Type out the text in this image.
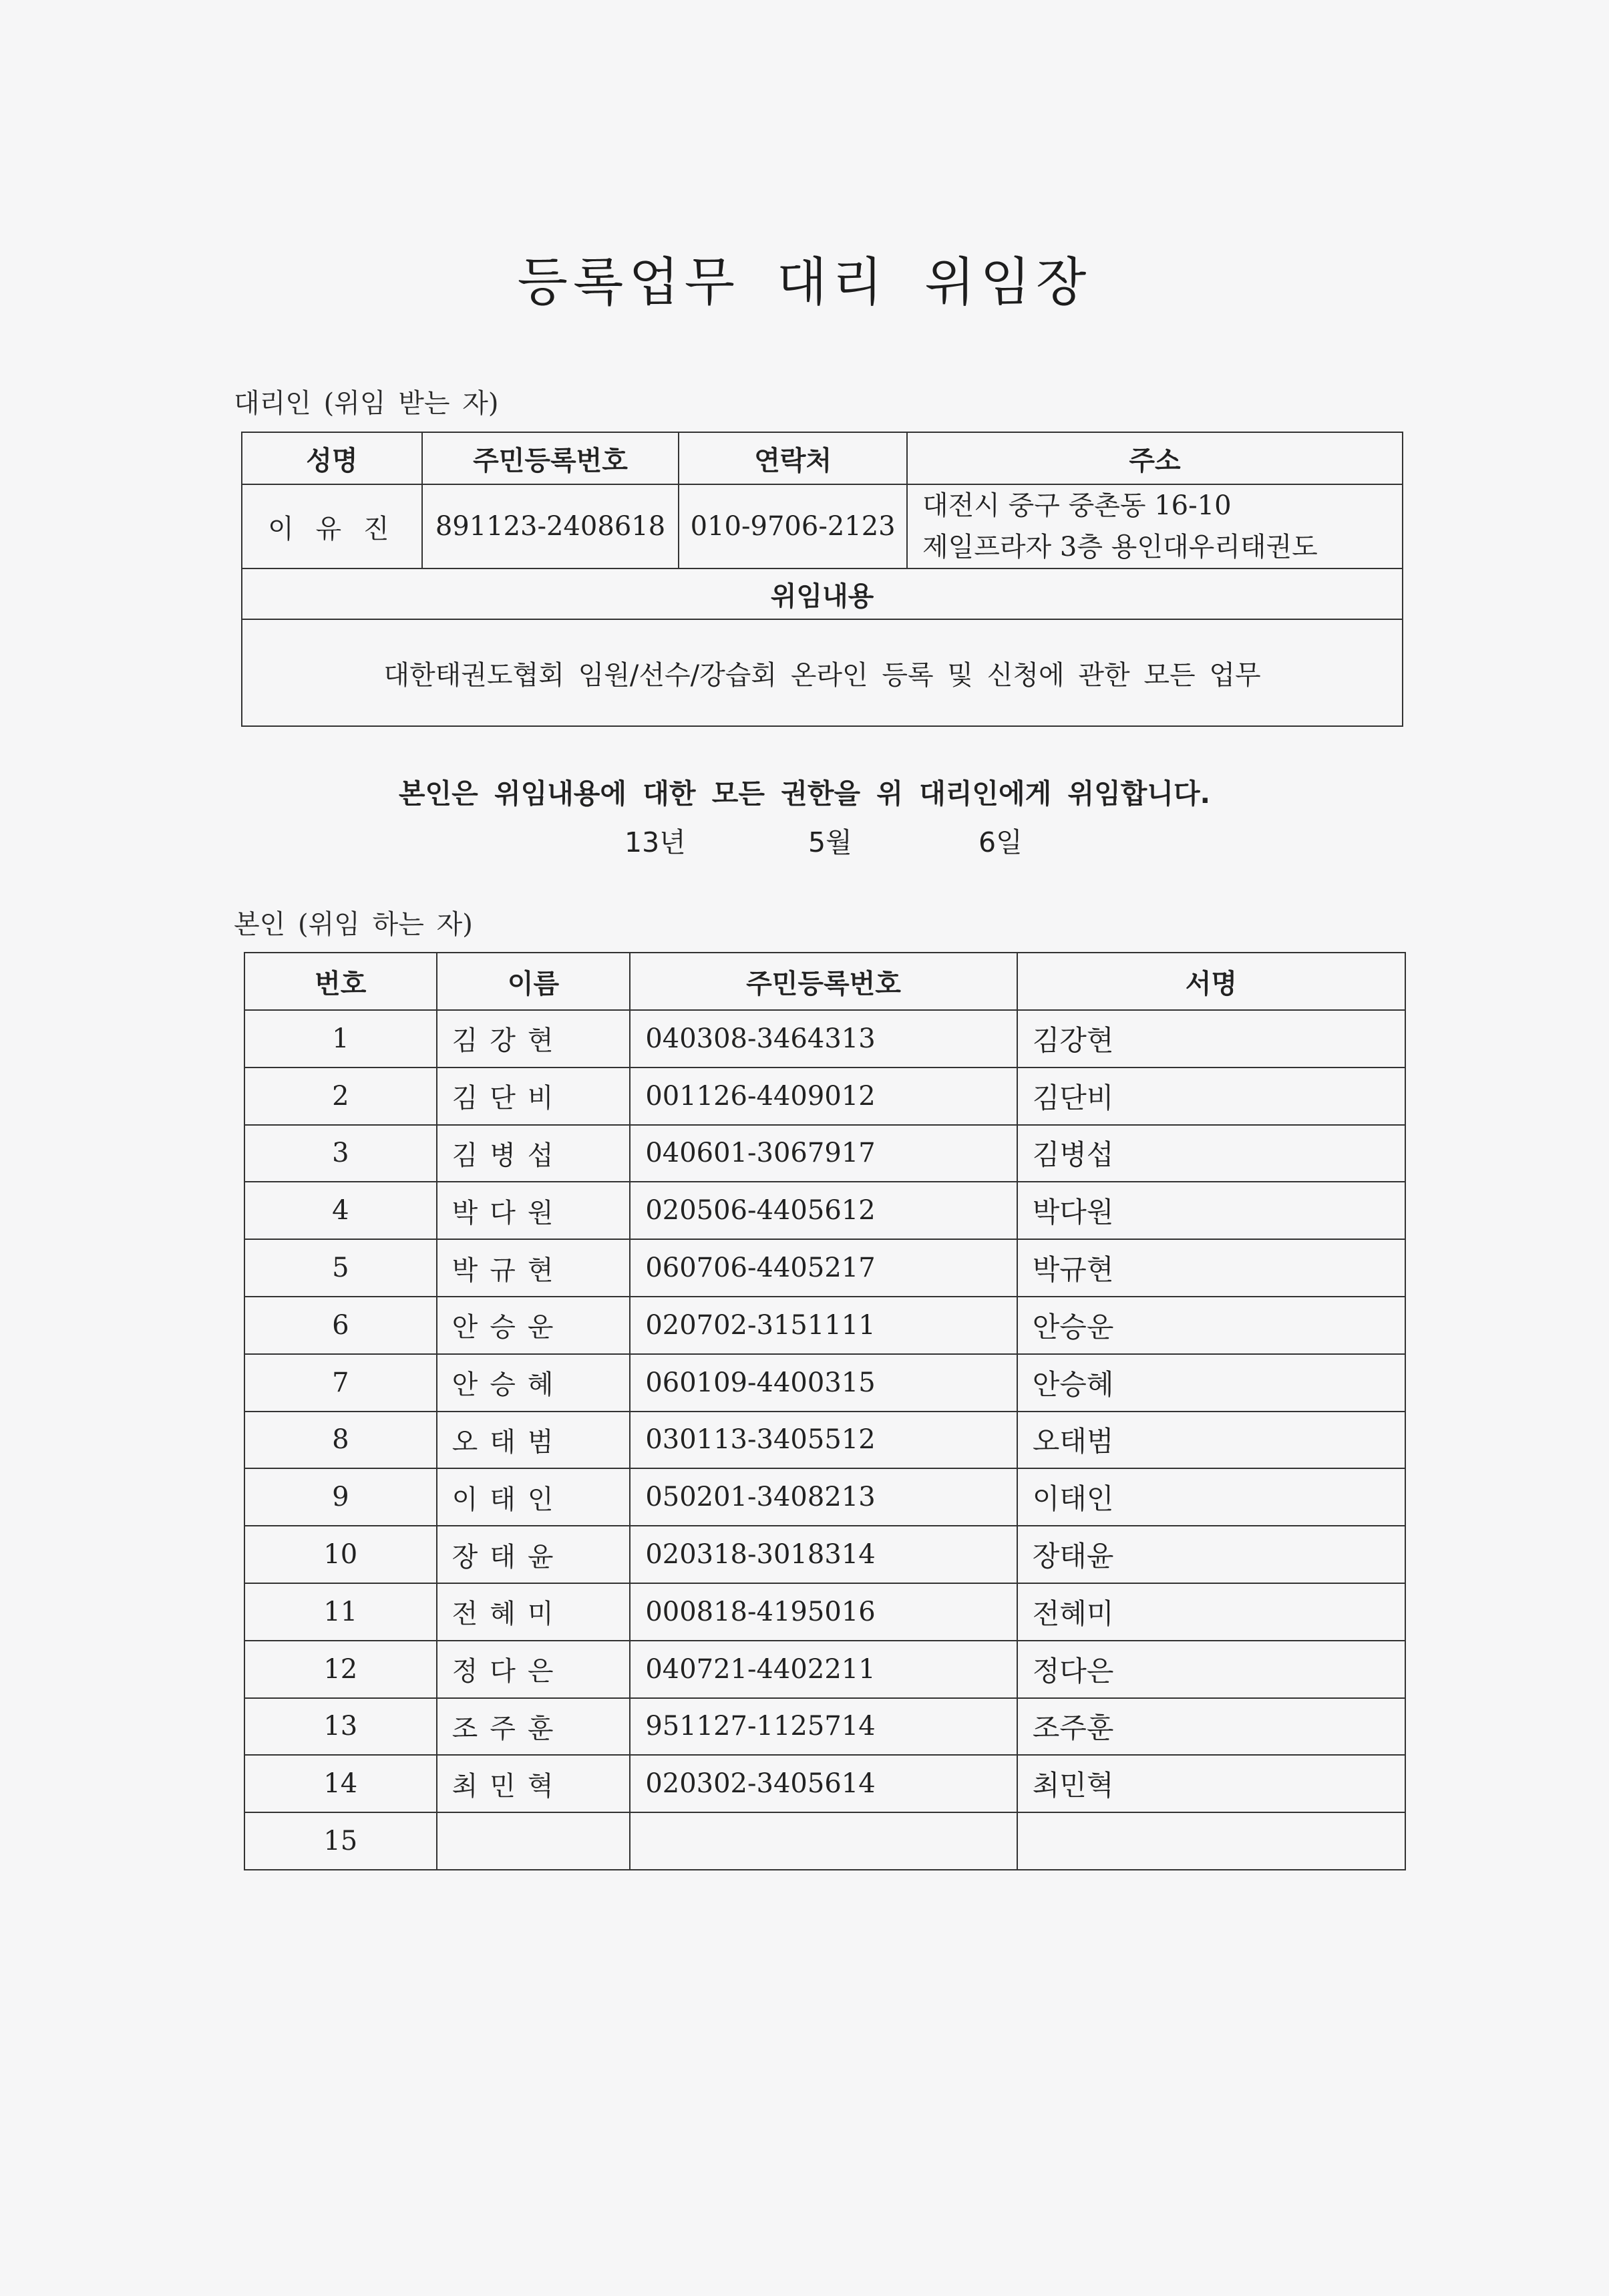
등록업무 대리 위임장
대리인 (위임 받는 자)
성명	주민등록번호	연락처	주소
이 유 진	891123-2408618	010-9706-2123	대전시 중구 중촌동 16-10
제일프라자 3층 용인대우리태권도

위임내용			
대한태권도협회 임원/선수/강습회 온라인 등록 및 신청에 관한 모든 업무			
본인은 위임내용에 대한 모든 권한을 위 대리인에게 위임합니다.
13년	5월	6일
본인 (위임 하는 자)
번호	이름	주민등록번호	서명
1	김강현	040308-3464313	김강현
2	김단비	001126-4409012	김단비
3	김병섭	040601-3067917	김병섭
4	박다원	020506-4405612	박다원
5	박규현	060706-4405217	박규현
6	안승운	020702-3151111	안승운
7	안승혜	060109-4400315	안승혜
8	오태범	030113-3405512	오태범
9	이태인	050201-3408213	이태인
10	장태윤	020318-3018314	장태윤
11	전혜미	000818-4195016	전혜미
12	정다은	040721-4402211	정다은
13	조주훈	951127-1125714	조주훈
14	최민혁	020302-3405614	최민혁
15			
